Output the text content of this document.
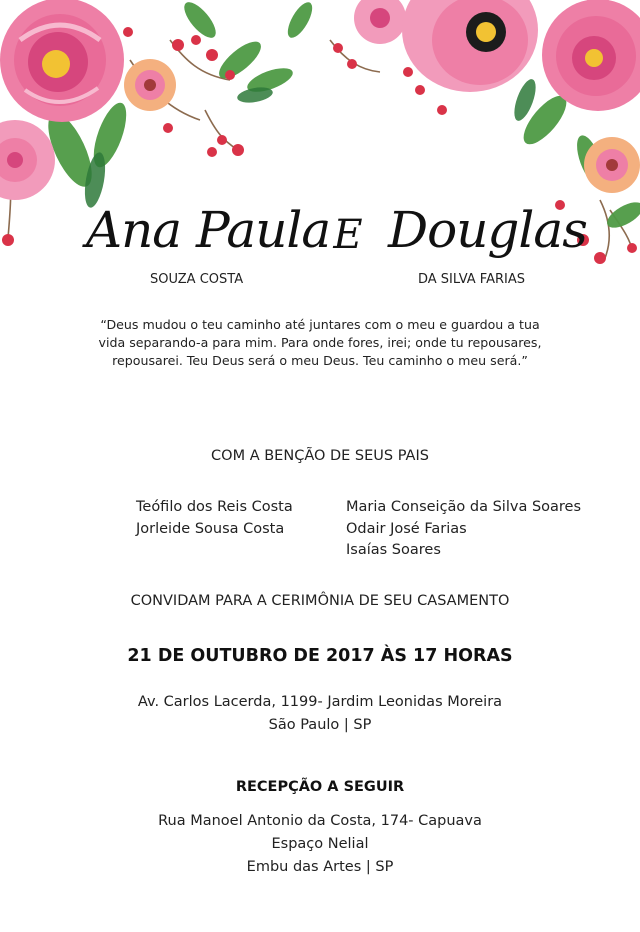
Ana Paula E Douglas
SOUZA COSTA	DA SILVA FARIAS
“Deus mudou o teu caminho até juntares com o meu e guardou a tua
vida separando-a para mim. Para onde fores, irei; onde tu repousares,
repousarei. Teu Deus será o meu Deus. Teu caminho o meu será.”
COM A BENÇÃO DE SEUS PAIS
Teófilo dos Reis Costa
Jorleide Sousa Costa
Maria Conseição da Silva Soares
Odair José Farias
Isaías Soares
CONVIDAM PARA A CERIMÔNIA DE SEU CASAMENTO
21 DE OUTUBRO DE 2017 ÀS 17 HORAS
Av. Carlos Lacerda, 1199- Jardim Leonidas Moreira
São Paulo | SP
RECEPÇÃO A SEGUIR
Rua Manoel Antonio da Costa, 174- Capuava
Espaço Nelial
Embu das Artes | SP
